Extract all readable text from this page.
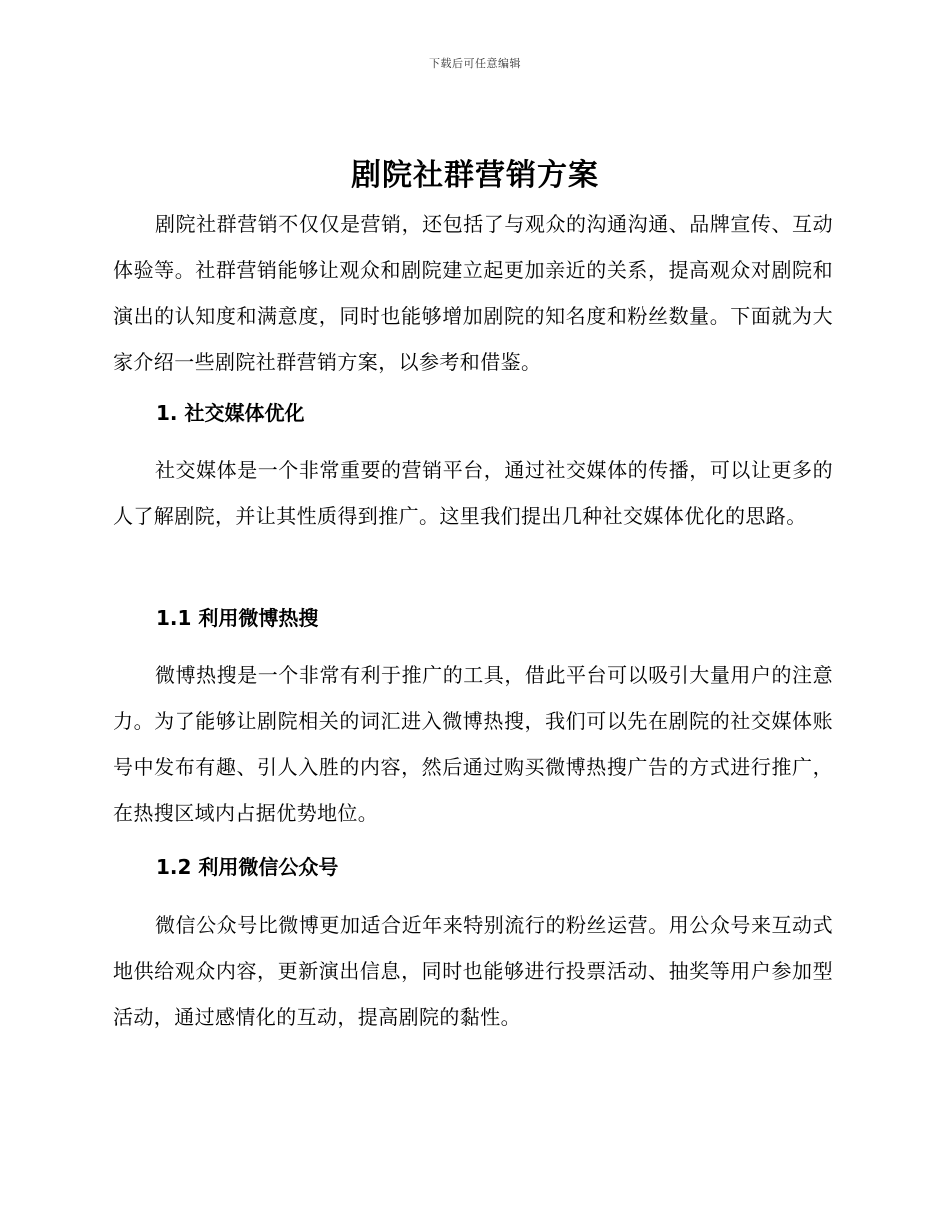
下载后可任意编辑
剧院社群营销方案

剧院社群营销不仅仅是营销，还包括了与观众的沟通沟通、品牌宣传、互动体验等。社群营销能够让观众和剧院建立起更加亲近的关系，提高观众对剧院和演出的认知度和满意度，同时也能够增加剧院的知名度和粉丝数量。下面就为大家介绍一些剧院社群营销方案，以参考和借鉴。

1. 社交媒体优化

社交媒体是一个非常重要的营销平台，通过社交媒体的传播，可以让更多的人了解剧院，并让其性质得到推广。这里我们提出几种社交媒体优化的思路。

1.1 利用微博热搜

微博热搜是一个非常有利于推广的工具，借此平台可以吸引大量用户的注意力。为了能够让剧院相关的词汇进入微博热搜，我们可以先在剧院的社交媒体账号中发布有趣、引人入胜的内容，然后通过购买微博热搜广告的方式进行推广，在热搜区域内占据优势地位。

1.2 利用微信公众号

微信公众号比微博更加适合近年来特别流行的粉丝运营。用公众号来互动式地供给观众内容，更新演出信息，同时也能够进行投票活动、抽奖等用户参加型活动，通过感情化的互动，提高剧院的黏性。
